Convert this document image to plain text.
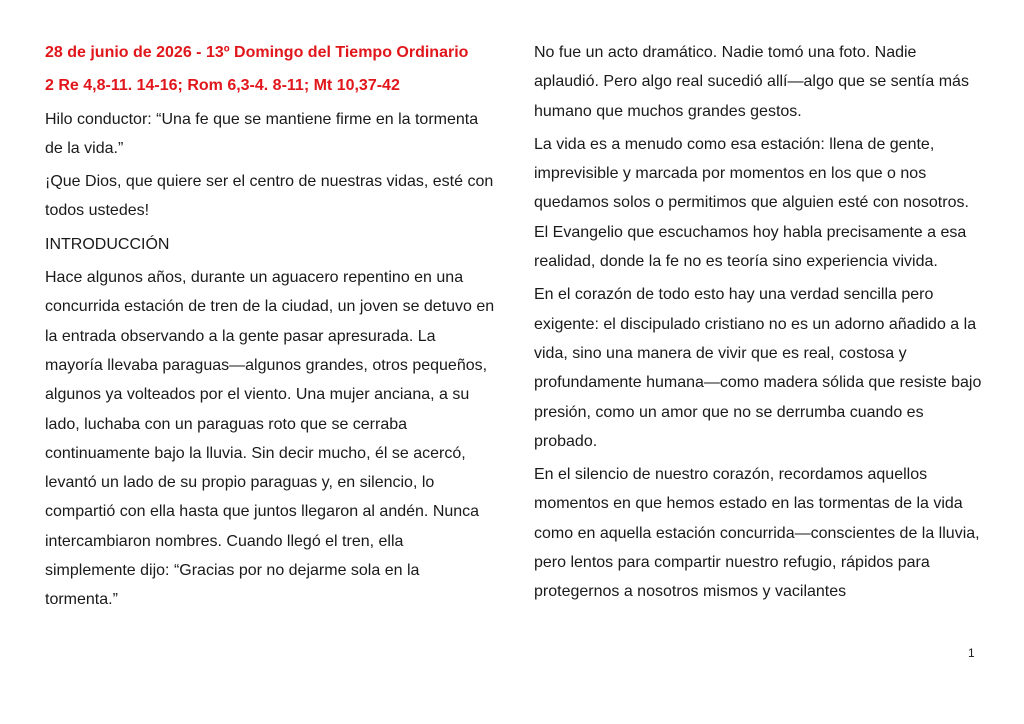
28 de junio de 2026 - 13º Domingo del Tiempo Ordinario

2 Re 4,8-11. 14-16; Rom 6,3-4. 8-11; Mt 10,37-42

Hilo conductor: “Una fe que se mantiene firme en la tormenta de la vida.”

¡Que Dios, que quiere ser el centro de nuestras vidas, esté con todos ustedes!

INTRODUCCIÓN

Hace algunos años, durante un aguacero repentino en una concurrida estación de tren de la ciudad, un joven se detuvo en la entrada observando a la gente pasar apresurada. La mayoría llevaba paraguas—algunos grandes, otros pequeños, algunos ya volteados por el viento. Una mujer anciana, a su lado, luchaba con un paraguas roto que se cerraba continuamente bajo la lluvia. Sin decir mucho, él se acercó, levantó un lado de su propio paraguas y, en silencio, lo compartió con ella hasta que juntos llegaron al andén. Nunca intercambiaron nombres. Cuando llegó el tren, ella simplemente dijo: “Gracias por no dejarme sola en la tormenta.”

No fue un acto dramático. Nadie tomó una foto. Nadie aplaudió. Pero algo real sucedió allí—algo que se sentía más humano que muchos grandes gestos.

La vida es a menudo como esa estación: llena de gente, imprevisible y marcada por momentos en los que o nos quedamos solos o permitimos que alguien esté con nosotros. El Evangelio que escuchamos hoy habla precisamente a esa realidad, donde la fe no es teoría sino experiencia vivida.

En el corazón de todo esto hay una verdad sencilla pero exigente: el discipulado cristiano no es un adorno añadido a la vida, sino una manera de vivir que es real, costosa y profundamente humana—como madera sólida que resiste bajo presión, como un amor que no se derrumba cuando es probado.

En el silencio de nuestro corazón, recordamos aquellos momentos en que hemos estado en las tormentas de la vida como en aquella estación concurrida—conscientes de la lluvia, pero lentos para compartir nuestro refugio, rápidos para protegernos a nosotros mismos y vacilantes

1
